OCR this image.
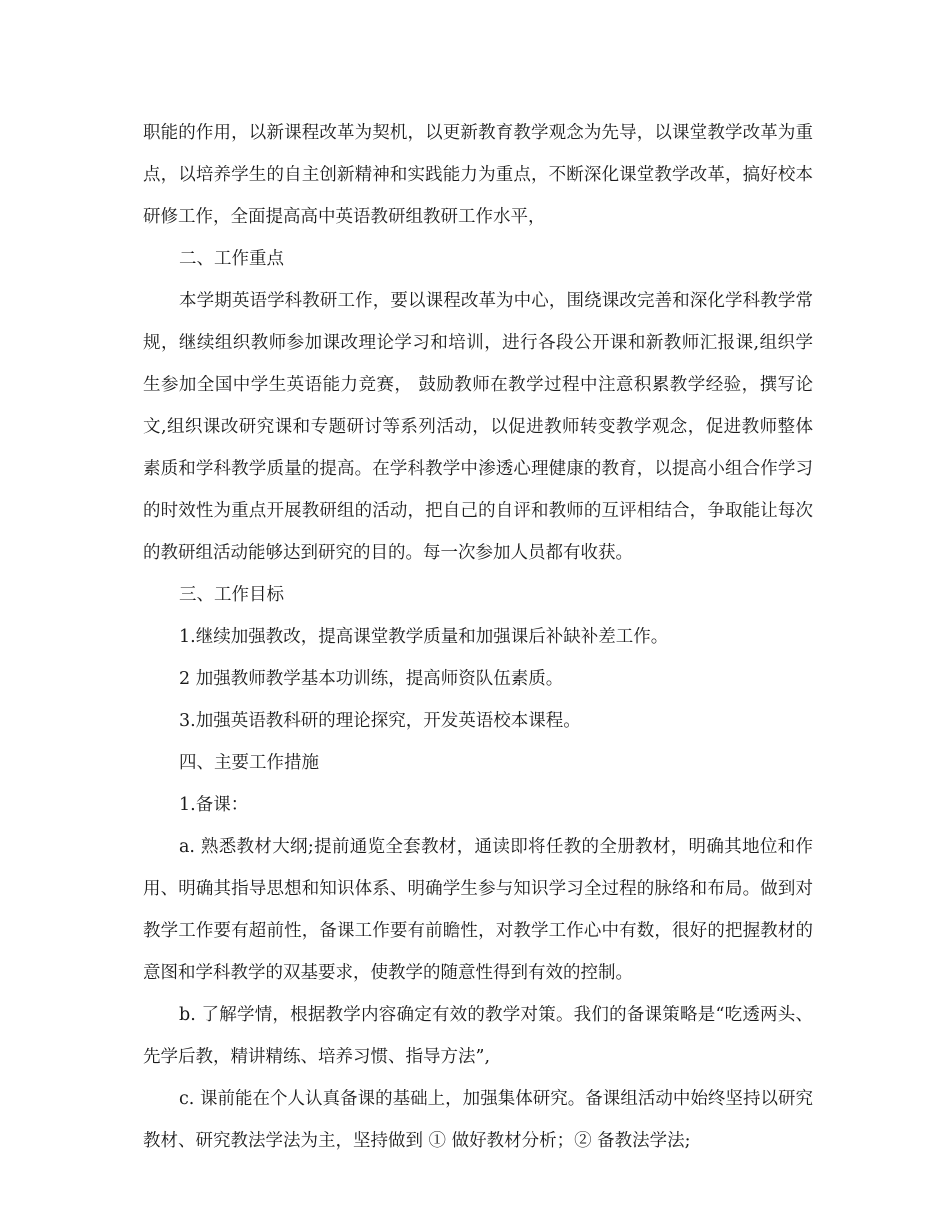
职能的作用，以新课程改革为契机，以更新教育教学观念为先导，以课堂教学改革为重点，以培养学生的自主创新精神和实践能力为重点，不断深化课堂教学改革，搞好校本研修工作，全面提高高中英语教研组教研工作水平，

二、工作重点

本学期英语学科教研工作，要以课程改革为中心，围绕课改完善和深化学科教学常规，继续组织教师参加课改理论学习和培训，进行各段公开课和新教师汇报课,组织学生参加全国中学生英语能力竞赛， 鼓励教师在教学过程中注意积累教学经验，撰写论文,组织课改研究课和专题研讨等系列活动，以促进教师转变教学观念，促进教师整体素质和学科教学质量的提高。在学科教学中渗透心理健康的教育，以提高小组合作学习的时效性为重点开展教研组的活动，把自己的自评和教师的互评相结合，争取能让每次的教研组活动能够达到研究的目的。每一次参加人员都有收获。

三、工作目标

1.继续加强教改，提高课堂教学质量和加强课后补缺补差工作。

2 加强教师教学基本功训练，提高师资队伍素质。

3.加强英语教科研的理论探究，开发英语校本课程。

四、主要工作措施

1.备课：

a. 熟悉教材大纲;提前通览全套教材，通读即将任教的全册教材，明确其地位和作用、明确其指导思想和知识体系、明确学生参与知识学习全过程的脉络和布局。做到对教学工作要有超前性，备课工作要有前瞻性，对教学工作心中有数，很好的把握教材的意图和学科教学的双基要求，使教学的随意性得到有效的控制。

b. 了解学情，根据教学内容确定有效的教学对策。我们的备课策略是“吃透两头、先学后教，精讲精练、培养习惯、指导方法”,

c. 课前能在个人认真备课的基础上，加强集体研究。备课组活动中始终坚持以研究教材、研究教法学法为主，坚持做到 ① 做好教材分析；② 备教法学法;
